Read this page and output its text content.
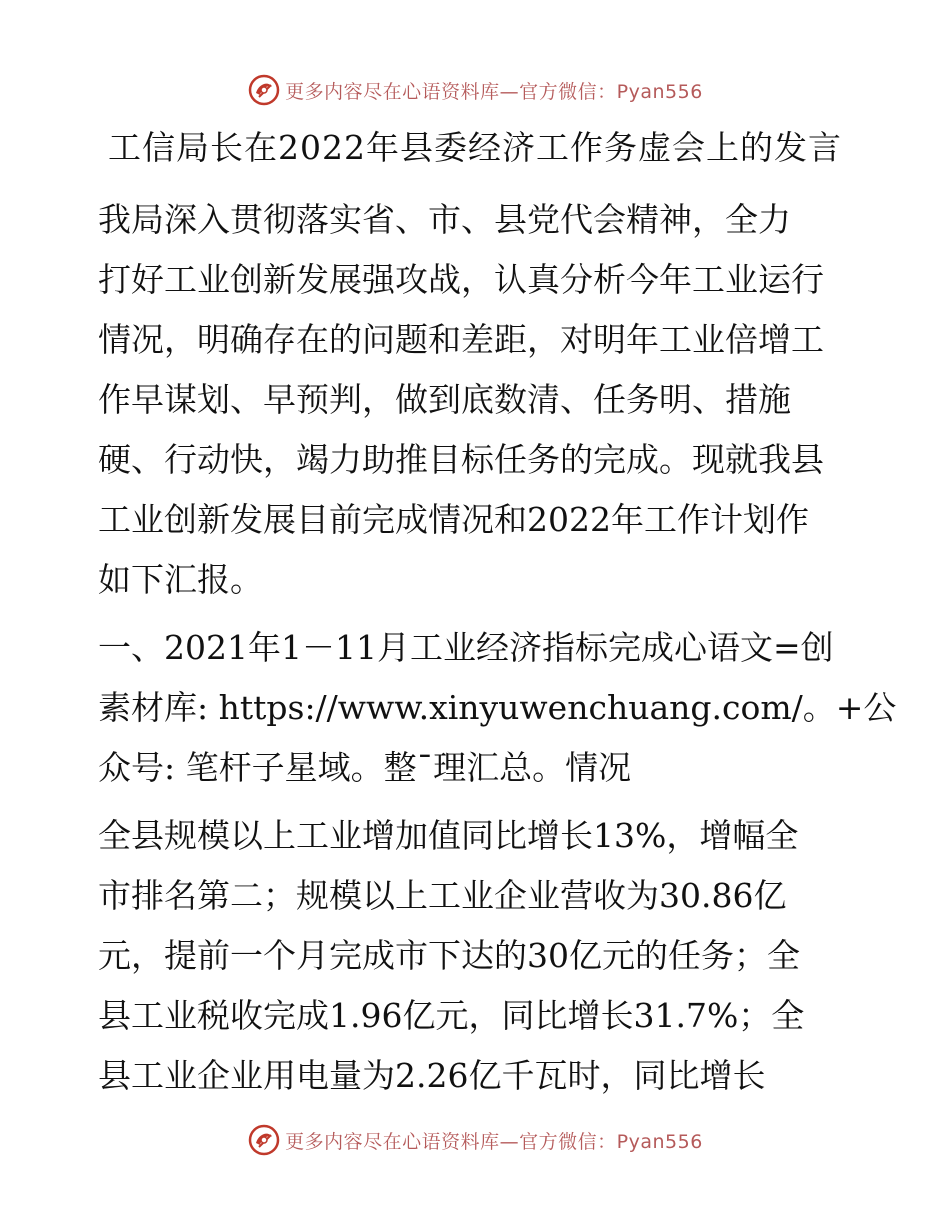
更多内容尽在心语资料库—官方微信：Pyan556
工信局长在2022年县委经济工作务虚会上的发言
我局深入贯彻落实省、市、县党代会精神，全力
打好工业创新发展强攻战，认真分析今年工业运行
情况，明确存在的问题和差距，对明年工业倍增工
作早谋划、早预判，做到底数清、任务明、措施
硬、行动快，竭力助推目标任务的完成。现就我县
工业创新发展目前完成情况和2022年工作计划作
如下汇报。
一、2021年1－11月工业经济指标完成心语文=创
素材库: https://www.xinyuwenchuang.com/。+公
众号: 笔杆子星域。整¯理汇总。情况
全县规模以上工业增加值同比增长13%，增幅全
市排名第二；规模以上工业企业营收为30.86亿
元，提前一个月完成市下达的30亿元的任务；全
县工业税收完成1.96亿元，同比增长31.7%；全
县工业企业用电量为2.26亿千瓦时，同比增长
更多内容尽在心语资料库—官方微信：Pyan556
